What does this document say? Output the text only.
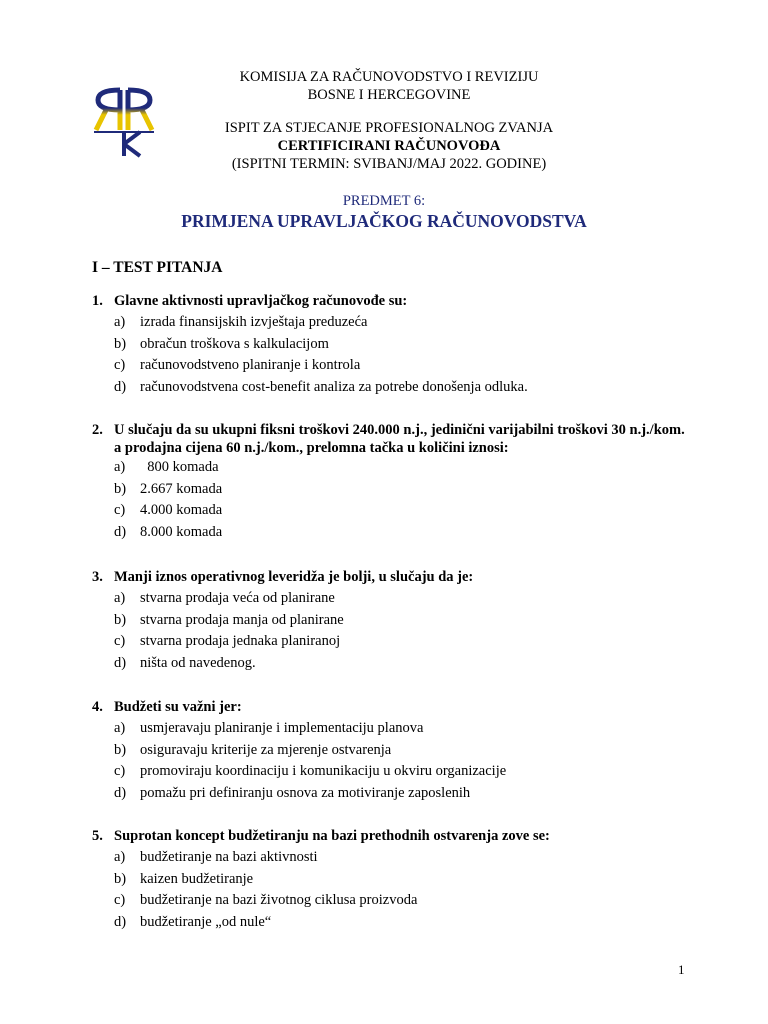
KOMISIJA ZA RAČUNOVODSTVO I REVIZIJU
BOSNE I HERCEGOVINE
ISPIT ZA STJECANJE PROFESIONALNOG ZVANJA
CERTIFICIRANI RAČUNOVOĐA
(ISPITNI TERMIN: SVIBANJ/MAJ 2022. GODINE)
PREDMET 6:
PRIMJENA UPRAVLJAČKOG RAČUNOVODSTVA
I – TEST PITANJA
1. Glavne aktivnosti upravljačkog računovođe su:
a) izrada finansijskih izvještaja preduzeća
b) obračun troškova s kalkulacijom
c) računovodstveno planiranje i kontrola
d) računovodstvena cost-benefit analiza za potrebe donošenja odluka.
2. U slučaju da su ukupni fiksni troškovi 240.000 n.j., jedinični varijabilni troškovi 30 n.j./kom. a prodajna cijena 60 n.j./kom., prelomna tačka u količini iznosi:
a)  800 komada
b) 2.667 komada
c) 4.000 komada
d) 8.000 komada
3. Manji iznos operativnog leveridža je bolji, u slučaju da je:
a) stvarna prodaja veća od planirane
b) stvarna prodaja manja od planirane
c) stvarna prodaja jednaka planiranoj
d) ništa od navedenog.
4. Budžeti su važni jer:
a) usmjeravaju planiranje i implementaciju planova
b) osiguravaju kriterije za mjerenje ostvarenja
c) promoviraju koordinaciju i komunikaciju u okviru organizacije
d) pomažu pri definiranju osnova za motiviranje zaposlenih
5. Suprotan koncept budžetiranju na bazi prethodnih ostvarenja zove se:
a) budžetiranje na bazi aktivnosti
b) kaizen budžetiranje
c) budžetiranje na bazi životnog ciklusa proizvoda
d) budžetiranje „od nule“
1
